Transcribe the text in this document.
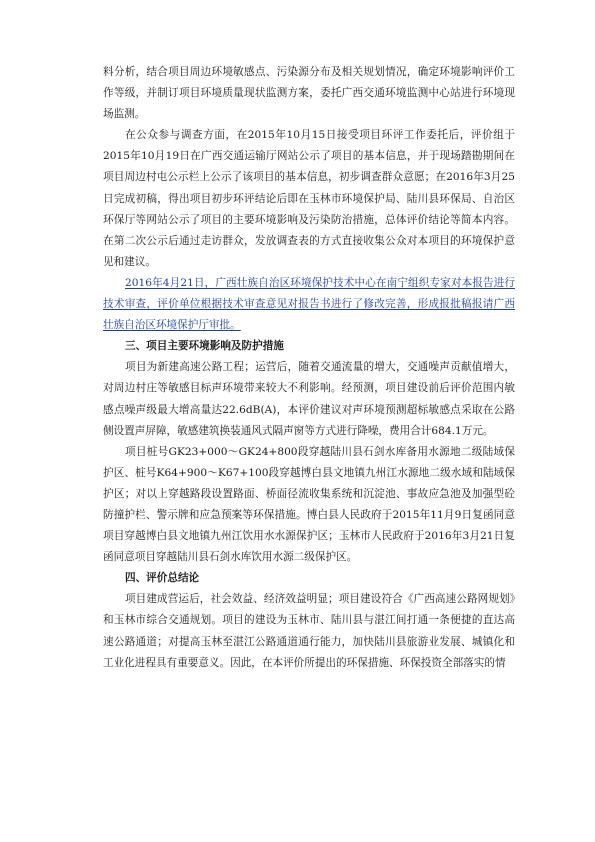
料分析，结合项目周边环境敏感点、污染源分布及相关规划情况，确定环境影响评价工作等级，并制订项目环境质量现状监测方案，委托广西交通环境监测中心站进行环境现场监测。

在公众参与调查方面，在2015年10月15日接受项目环评工作委托后，评价组于2015年10月19日在广西交通运输厅网站公示了项目的基本信息，并于现场踏勘期间在项目周边村屯公示栏上公示了该项目的基本信息，初步调查群众意愿；在2016年3月25日完成初稿，得出项目初步环评结论后即在玉林市环境保护局、陆川县环保局、自治区环保厅等网站公示了项目的主要环境影响及污染防治措施，总体评价结论等简本内容。在第二次公示后通过走访群众，发放调查表的方式直接收集公众对本项目的环境保护意见和建议。

2016年4月21日，广西壮族自治区环境保护技术中心在南宁组织专家对本报告进行技术审查，评价单位根据技术审查意见对报告书进行了修改完善，形成报批稿报请广西壮族自治区环境保护厅审批。

三、项目主要环境影响及防护措施

项目为新建高速公路工程；运营后，随着交通流量的增大，交通噪声贡献值增大，对周边村庄等敏感目标声环境带来较大不利影响。经预测，项目建设前后评价范围内敏感点噪声级最大增高量达22.6dB(A)，本评价建议对声环境预测超标敏感点采取在公路侧设置声屏障，敏感建筑换装通风式隔声窗等方式进行降噪，费用合计684.1万元。

项目桩号GK23+000～GK24+800段穿越陆川县石剑水库备用水源地二级陆域保护区、桩号K64+900～K67+100段穿越博白县文地镇九州江水源地二级水域和陆域保护区；对以上穿越路段设置路面、桥面径流收集系统和沉淀池、事故应急池及加强型砼防撞护栏、警示牌和应急预案等环保措施。博白县人民政府于2015年11月9日复函同意项目穿越博白县文地镇九州江饮用水水源保护区；玉林市人民政府于2016年3月21日复函同意项目穿越陆川县石剑水库饮用水源二级保护区。

四、评价总结论

项目建成营运后，社会效益、经济效益明显；项目建设符合《广西高速公路网规划》和玉林市综合交通规划。项目的建设为玉林市、陆川县与湛江间打通一条便捷的直达高速公路通道；对提高玉林至湛江公路通道通行能力，加快陆川县旅游业发展、城镇化和工业化进程具有重要意义。因此，在本评价所提出的环保措施、环保投资全部落实的情
